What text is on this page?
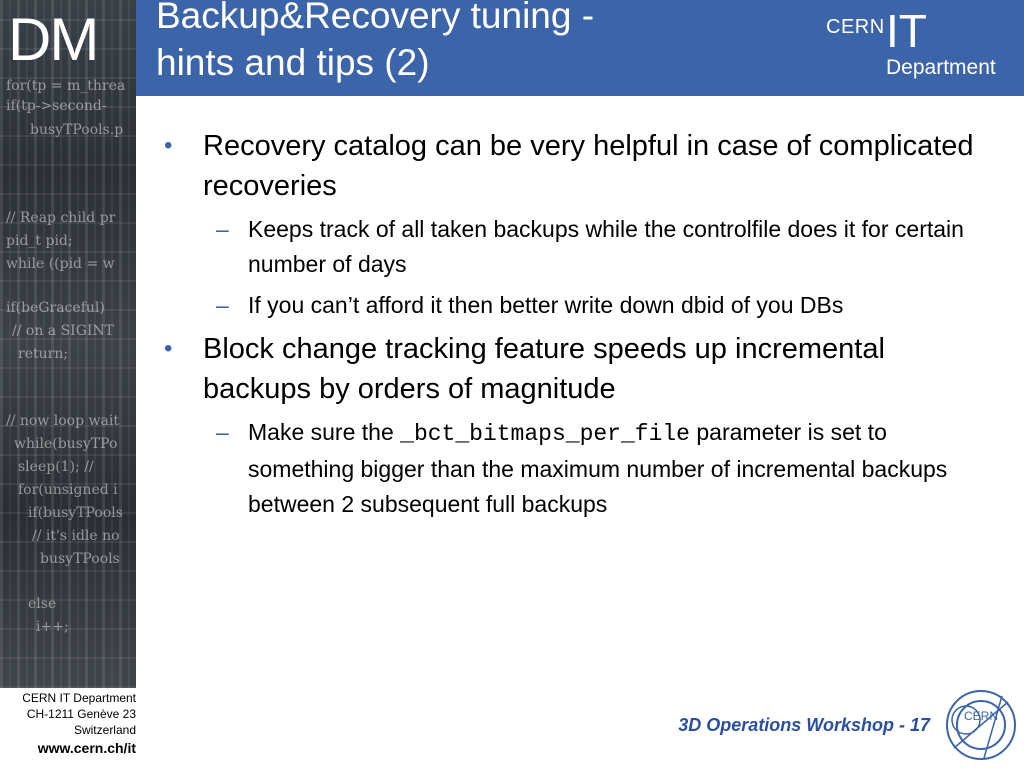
for(tp = m_threa
if(tp->second-
busyTPools.p
// Reap child pr
pid_t pid;
while ((pid = w
if(beGraceful)
// on a SIGINT
return;
// now loop wait
while(busyTPo
sleep(1); //
for(unsigned i
if(busyTPools
// it's idle no
busyTPools
else
i++;
DM Backup&Recovery tuning -
hints and tips (2)
CERN IT
Department
• Recovery catalog can be very helpful in case of complicated recoveries
– Keeps track of all taken backups while the controlfile does it for certain number of days
– If you can’t afford it then better write down dbid of you DBs
• Block change tracking feature speeds up incremental backups by orders of magnitude
– Make sure the _bct_bitmaps_per_file parameter is set to something bigger than the maximum number of incremental backups between 2 subsequent full backups
CERN IT Department
CH-1211 Genève 23
Switzerland
www.cern.ch/it
3D Operations Workshop - 17	CERN
